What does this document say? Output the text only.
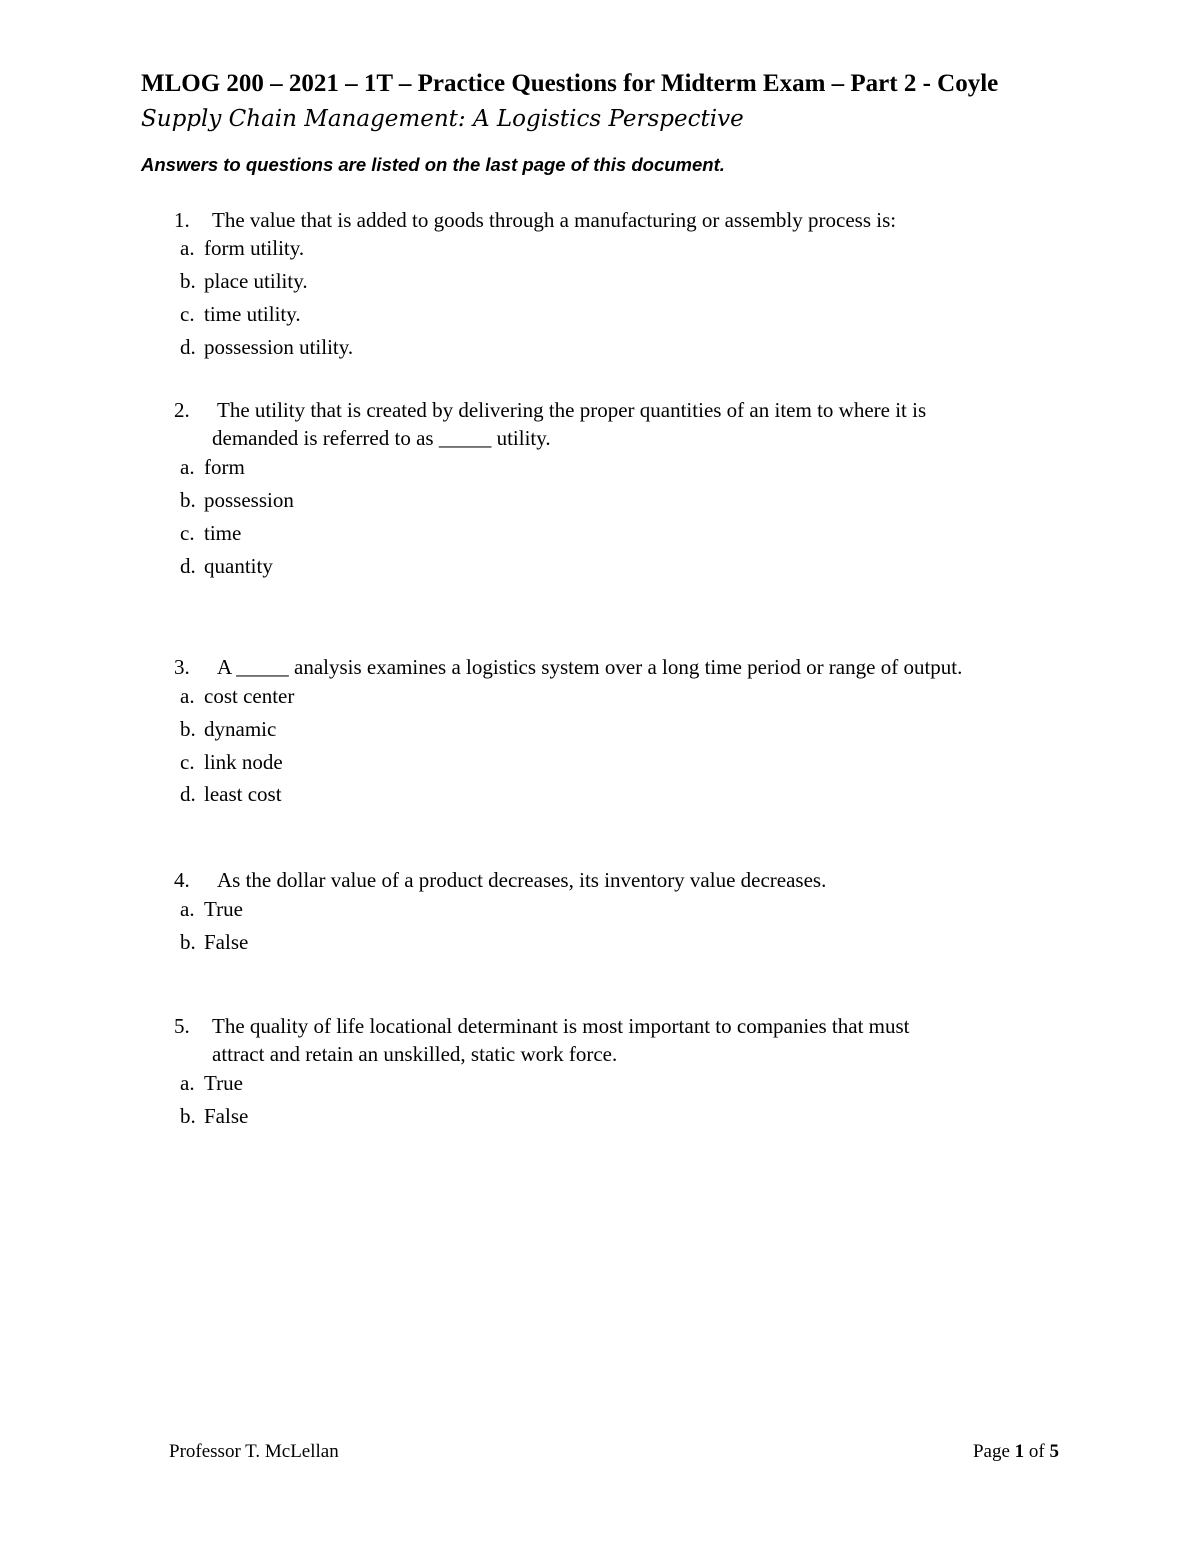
MLOG 200 – 2021 – 1T – Practice Questions for Midterm Exam – Part 2 - Coyle
Supply Chain Management: A Logistics Perspective
Answers to questions are listed on the last page of this document.
1. The value that is added to goods through a manufacturing or assembly process is:
a. form utility.
b. place utility.
c. time utility.
d. possession utility.
2. The utility that is created by delivering the proper quantities of an item to where it is
demanded is referred to as _____ utility.
a. form
b. possession
c. time
d. quantity
3. A _____ analysis examines a logistics system over a long time period or range of output.
a. cost center
b. dynamic
c. link node
d. least cost
4. As the dollar value of a product decreases, its inventory value decreases.
a. True
b. False
5. The quality of life locational determinant is most important to companies that must
attract and retain an unskilled, static work force.
a. True
b. False
Professor T. McLellan	Page 1 of 5
